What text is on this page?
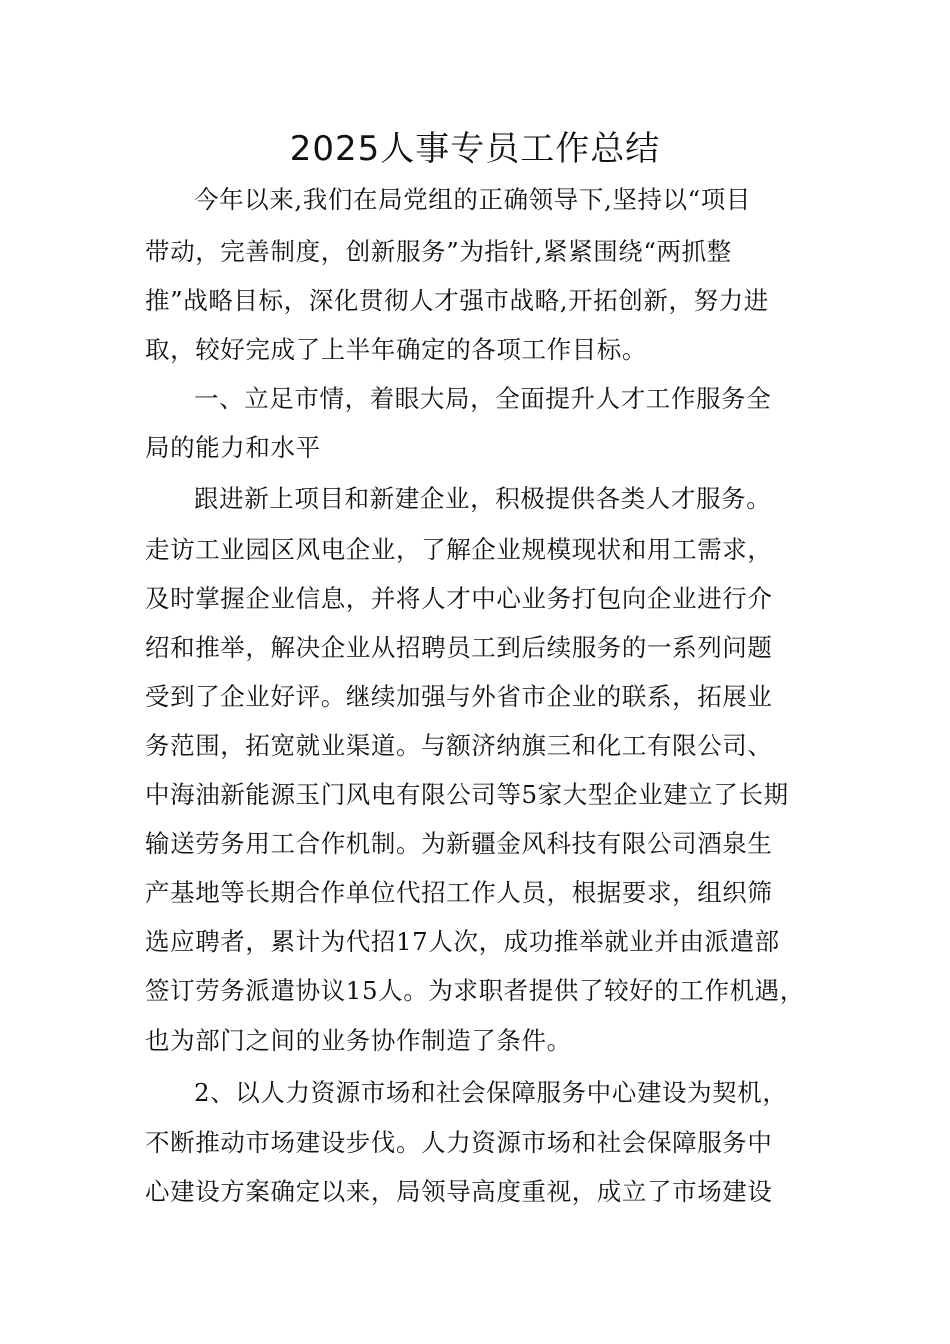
2025人事专员工作总结
今年以来,我们在局党组的正确领导下,坚持以“项目
带动，完善制度，创新服务”为指针,紧紧围绕“两抓整
推”战略目标，深化贯彻人才强市战略,开拓创新，努力进
取，较好完成了上半年确定的各项工作目标。
一、立足市情，着眼大局，全面提升人才工作服务全
局的能力和水平
跟进新上项目和新建企业，积极提供各类人才服务。
走访工业园区风电企业，了解企业规模现状和用工需求，
及时掌握企业信息，并将人才中心业务打包向企业进行介
绍和推举，解决企业从招聘员工到后续服务的一系列问题
受到了企业好评。继续加强与外省市企业的联系，拓展业
务范围，拓宽就业渠道。与额济纳旗三和化工有限公司、
中海油新能源玉门风电有限公司等5家大型企业建立了长期
输送劳务用工合作机制。为新疆金风科技有限公司酒泉生
产基地等长期合作单位代招工作人员，根据要求，组织筛
选应聘者，累计为代招17人次，成功推举就业并由派遣部
签订劳务派遣协议15人。为求职者提供了较好的工作机遇，
也为部门之间的业务协作制造了条件。
2、以人力资源市场和社会保障服务中心建设为契机，
不断推动市场建设步伐。人力资源市场和社会保障服务中
心建设方案确定以来，局领导高度重视，成立了市场建设
